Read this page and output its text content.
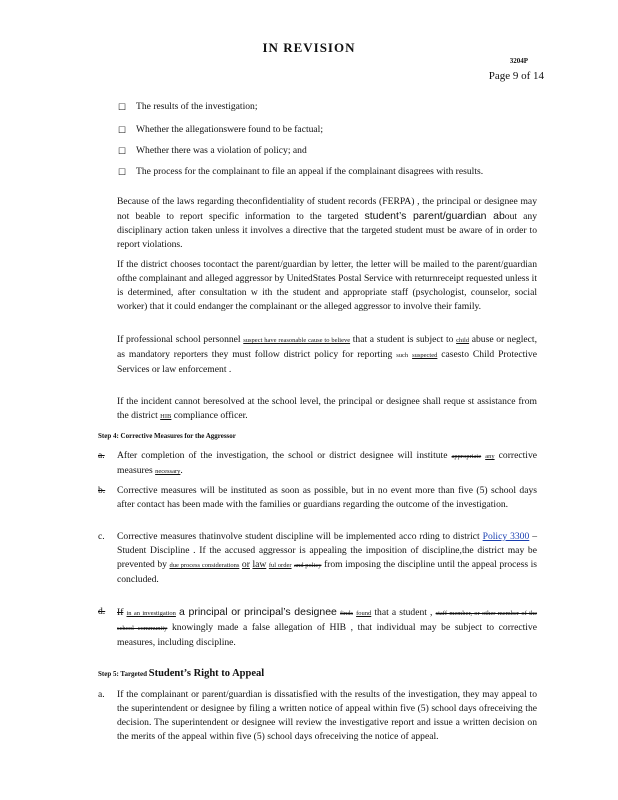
IN REVISION
3204P
Page 9 of 14
☐ The results of the investigation;
☐ Whether the allegationswere found to be factual;
☐ Whether there was a violation of policy; and
☐ The process for the complainant to file an appeal if the complainant disagrees with results.
Because of the laws regarding theconfidentiality of student records (FERPA) , the principal or designee may not beable to report specific information to the targeted student’s parent/guardian about any disciplinary action taken unless it involves a directive that the targeted student must be aware of in order to report violations.
If the district chooses tocontact the parent/guardian by letter, the letter will be mailed to the parent/guardian ofthe complainant and alleged aggressor by UnitedStates Postal Service with returnreceipt requested unless it is determined, after consultation w ith the student and appropriate staff (psychologist, counselor, social worker) that it could endanger the complainant or the alleged aggressor to involve their family.
If professional school personnel suspect have reasonable cause to believe that a student is subject to child abuse or neglect, as mandatory reporters they must follow district policy for reporting such suspected casesto Child Protective Services or law enforcement .
If the incident cannot beresolved at the school level, the principal or designee shall reque st assistance from the district HIB compliance officer.
Step 4: Corrective Measures for the Aggressor
a. After completion of the investigation, the school or district designee will institute appropriate any corrective measures necessary.
b. Corrective measures will be instituted as soon as possible, but in no event more than five (5) school days after contact has been made with the families or guardians regarding the outcome of the investigation.
c. Corrective measures thatinvolve student discipline will be implemented acco rding to district Policy 3300 – Student Discipline . If the accused aggressor is appealing the imposition of discipline,the district may be prevented by due process considerations or law ful order and policy from imposing the discipline until the appeal process is concluded.
d. If in an investigation a principal or principal’s designee finds found that a student , staff member, or other member of the school community knowingly made a false allegation of HIB , that individual may be subject to corrective measures, including discipline.
Step 5: Targeted Student’s Right to Appeal
a. If the complainant or parent/guardian is dissatisfied with the results of the investigation, they may appeal to the superintendent or designee by filing a written notice of appeal within five (5) school days ofreceiving the decision. The superintendent or designee will review the investigative report and issue a written decision on the merits of the appeal within five (5) school days ofreceiving the notice of appeal.
